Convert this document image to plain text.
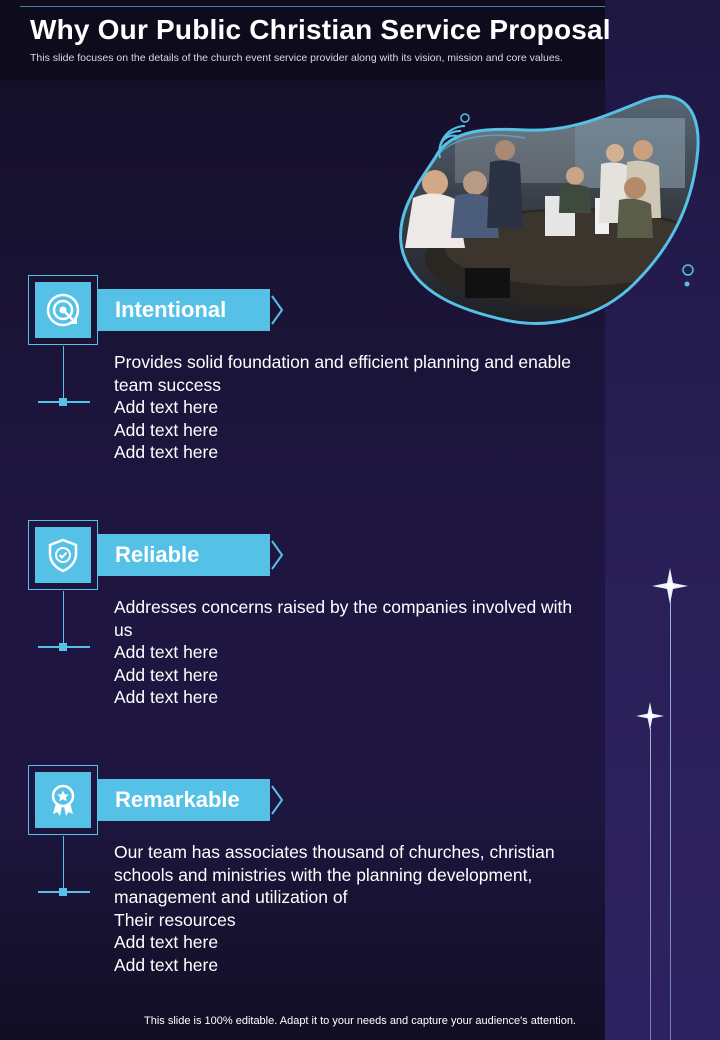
Why Our Public Christian Service Proposal

This slide focuses on the details of the church event service provider along with its vision, mission and core values.

Intentional

Provides solid foundation and efficient planning and enable team success

Add text here

Add text here

Add text here

Reliable

Addresses concerns raised by the companies involved with us

Add text here

Add text here

Add text here

Remarkable

Our team has associates thousand of churches, christian schools and ministries with the planning development, management and utilization of

Their resources

Add text here

Add text here

This slide is 100% editable. Adapt it to your needs and capture your audience's attention.
